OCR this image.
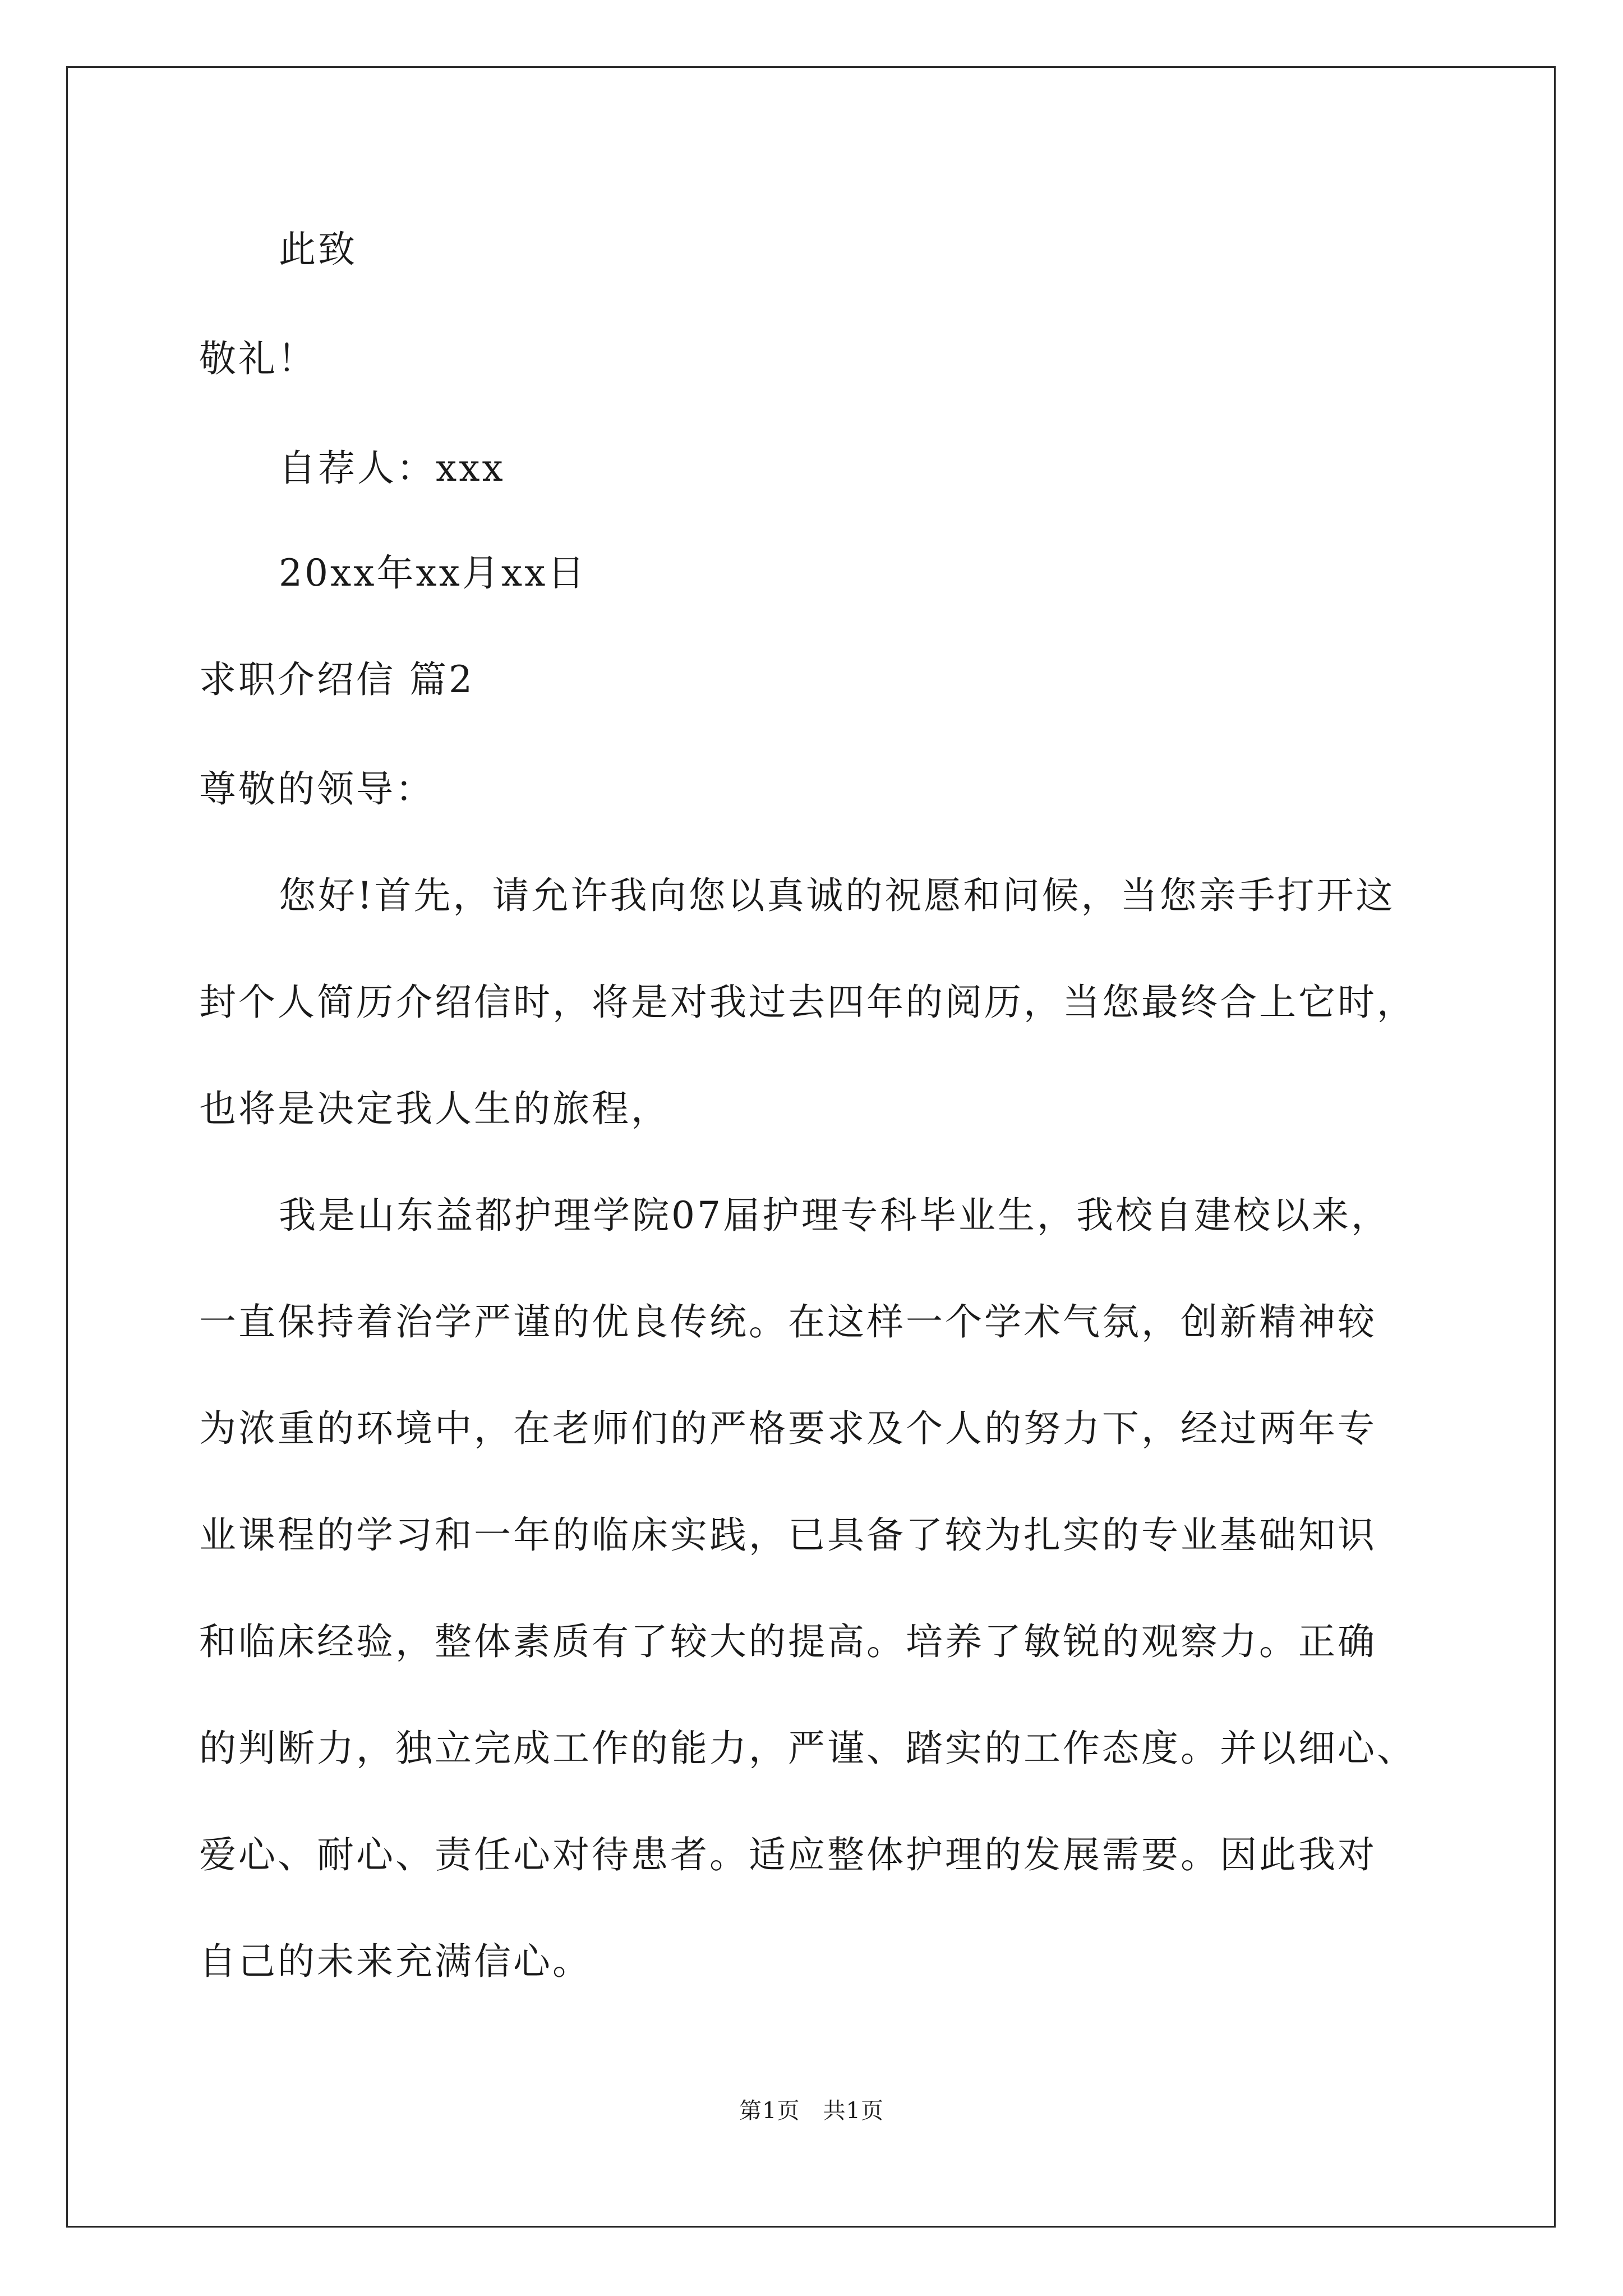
此致
敬礼！
自荐人：xxx
20xx年xx月xx日
求职介绍信 篇2
尊敬的领导：
您好!首先，请允许我向您以真诚的祝愿和问候，当您亲手打开这
封个人简历介绍信时，将是对我过去四年的阅历，当您最终合上它时，
也将是决定我人生的旅程，
我是山东益都护理学院07届护理专科毕业生，我校自建校以来，
一直保持着治学严谨的优良传统。在这样一个学术气氛，创新精神较
为浓重的环境中，在老师们的严格要求及个人的努力下，经过两年专
业课程的学习和一年的临床实践，已具备了较为扎实的专业基础知识
和临床经验，整体素质有了较大的提高。培养了敏锐的观察力。正确
的判断力，独立完成工作的能力，严谨、踏实的工作态度。并以细心、
爱心、耐心、责任心对待患者。适应整体护理的发展需要。因此我对
自己的未来充满信心。
第1页　共1页
